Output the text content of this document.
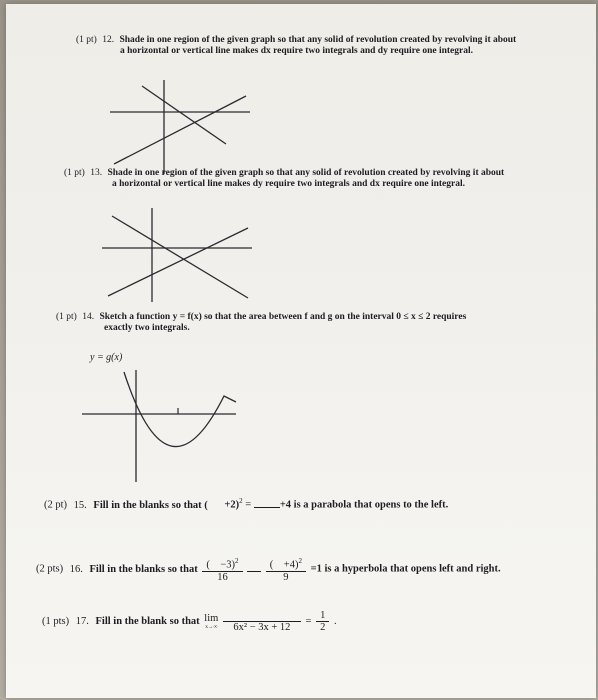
(1 pt) 12. Shade in one region of the given graph so that any solid of revolution created by revolving it about
a horizontal or vertical line makes dx require two integrals and dy require one integral.
(1 pt) 13. Shade in one region of the given graph so that any solid of revolution created by revolving it about
a horizontal or vertical line makes dy require two integrals and dx require one integral.
(1 pt) 14. Sketch a function y = f(x) so that the area between f and g on the interval 0 ≤ x ≤ 2 requires
exactly two integrals.
y = g(x)
(2 pt) 15. Fill in the blanks so that ( +2)$^2$ =	+4 is a parabola that opens to the left.
(2 pts) 16. Fill in the blanks so that $\frac{( -3)^2}{16}$
$\frac{( +4)^2}{9} =1$ is a hyperbola that opens left and right.
(1 pts) 17. Fill in the blank so that lim
x→∞
	6x² − 3x + 12
= $\frac{1}{2}$ .
